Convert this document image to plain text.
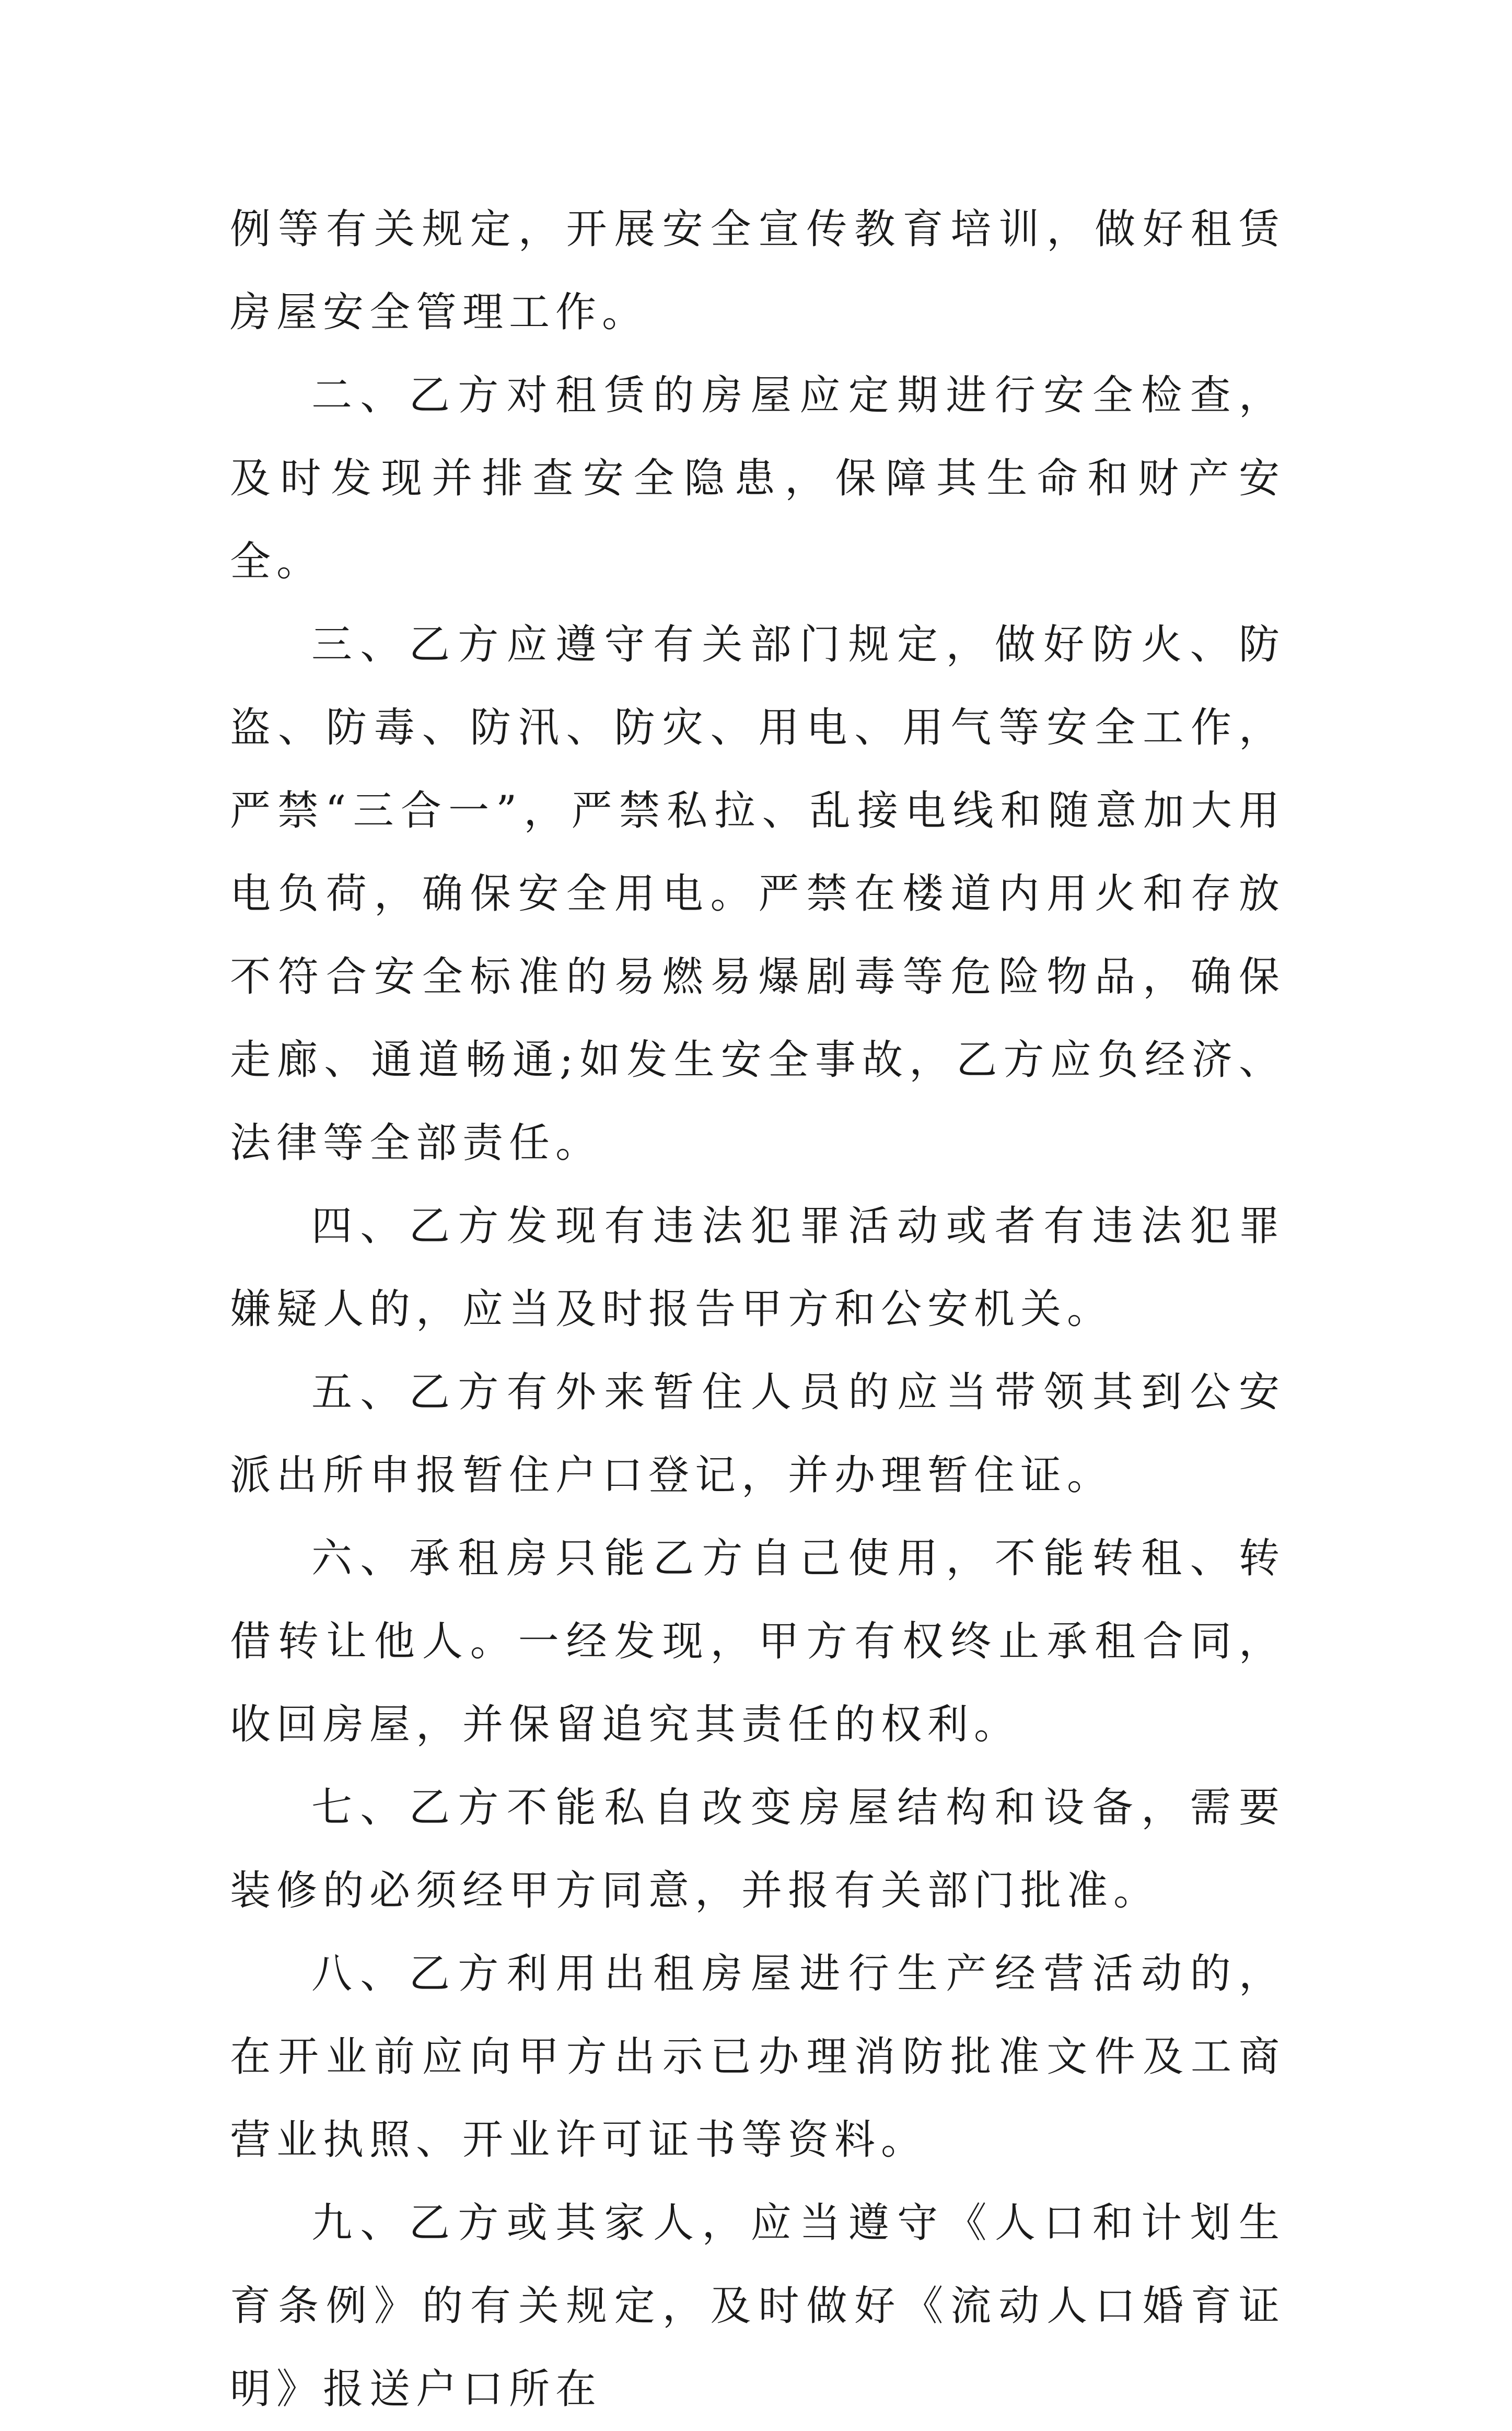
例等有关规定，开展安全宣传教育培训，做好租赁房屋安全管理工作。

二、乙方对租赁的房屋应定期进行安全检查，及时发现并排查安全隐患，保障其生命和财产安全。

三、乙方应遵守有关部门规定，做好防火、防盗、防毒、防汛、防灾、用电、用气等安全工作，严禁“三合一”，严禁私拉、乱接电线和随意加大用电负荷，确保安全用电。严禁在楼道内用火和存放不符合安全标准的易燃易爆剧毒等危险物品，确保走廊、通道畅通;如发生安全事故，乙方应负经济、法律等全部责任。

四、乙方发现有违法犯罪活动或者有违法犯罪嫌疑人的，应当及时报告甲方和公安机关。

五、乙方有外来暂住人员的应当带领其到公安派出所申报暂住户口登记，并办理暂住证。

六、承租房只能乙方自己使用，不能转租、转借转让他人。一经发现，甲方有权终止承租合同，收回房屋，并保留追究其责任的权利。

七、乙方不能私自改变房屋结构和设备，需要装修的必须经甲方同意，并报有关部门批准。

八、乙方利用出租房屋进行生产经营活动的，在开业前应向甲方出示已办理消防批准文件及工商营业执照、开业许可证书等资料。

九、乙方或其家人，应当遵守《人口和计划生育条例》的有关规定，及时做好《流动人口婚育证明》报送户口所在
